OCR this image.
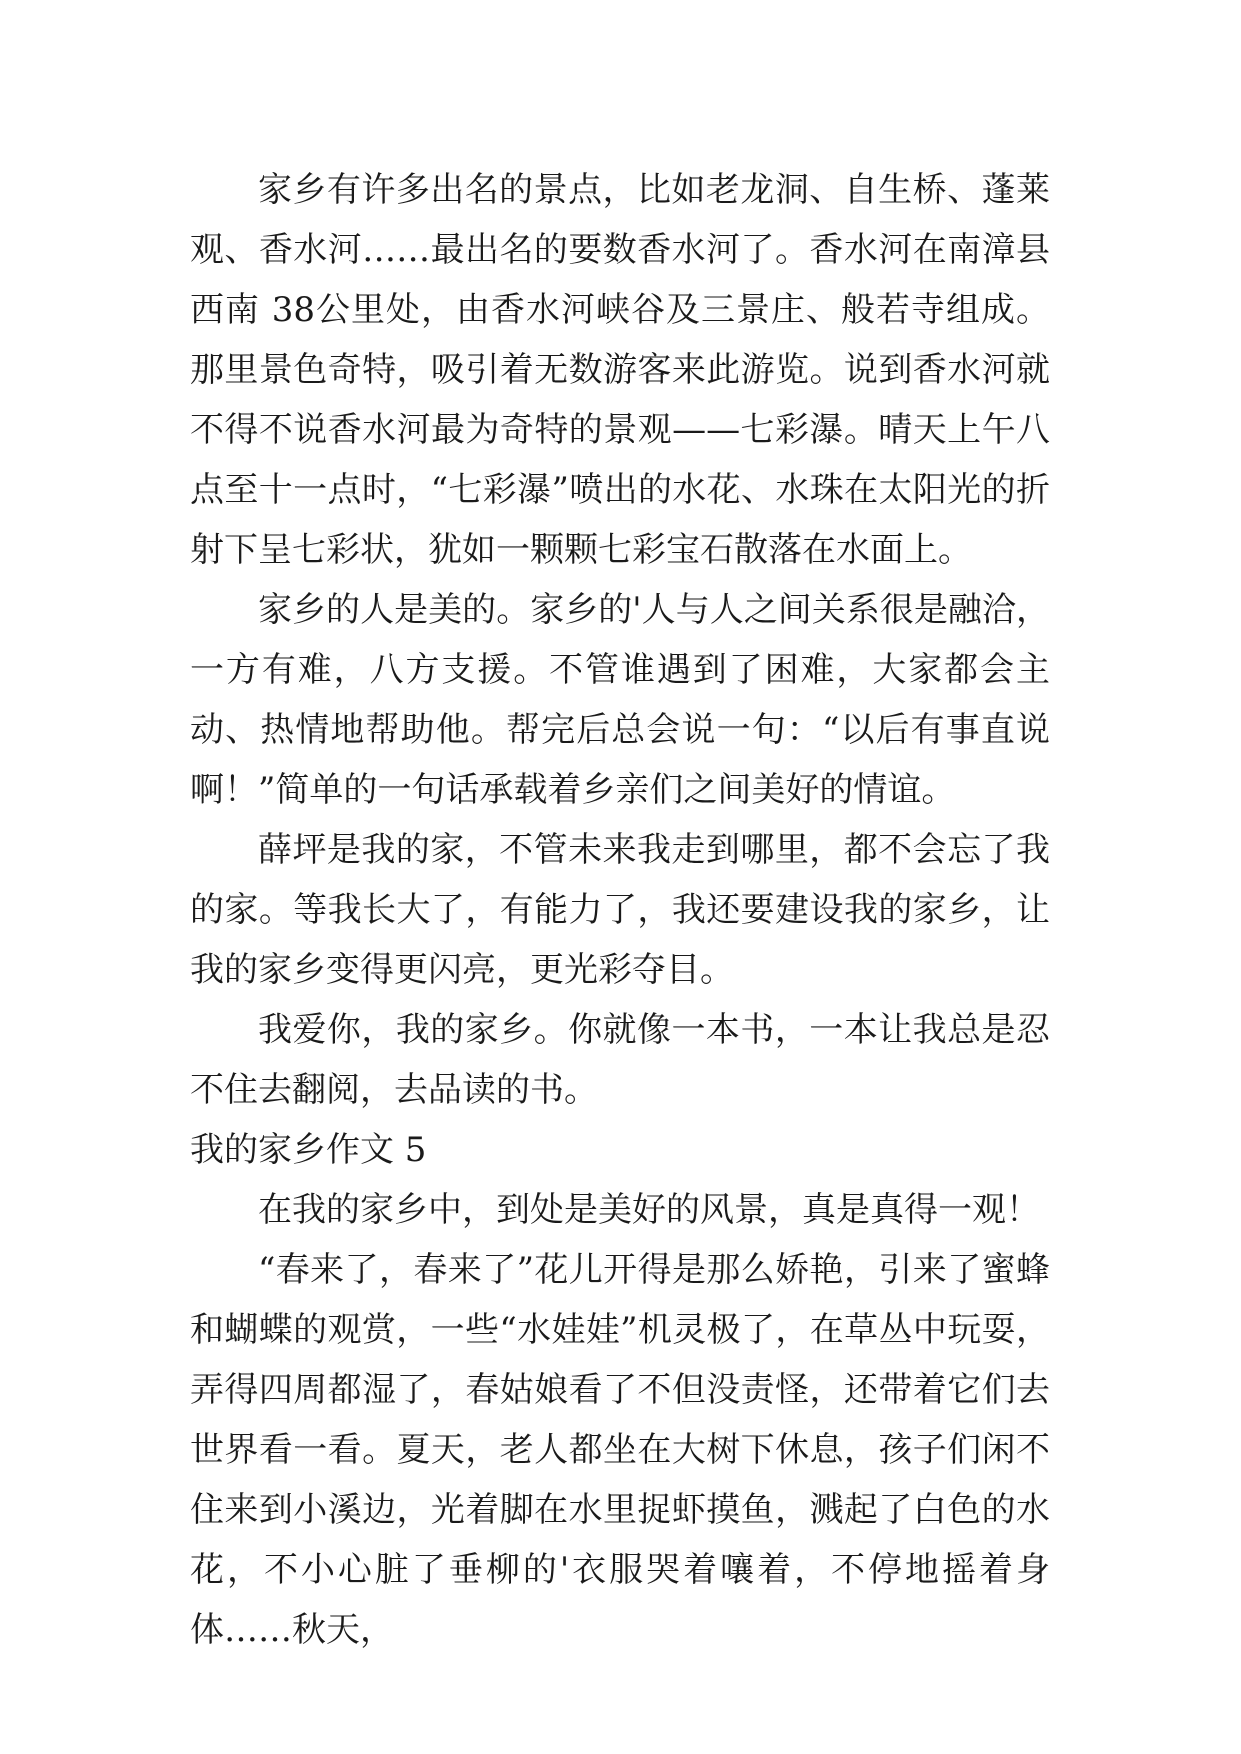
家乡有许多出名的景点，比如老龙洞、自生桥、蓬莱观、香水河……最出名的要数香水河了。香水河在南漳县西南 38公里处，由香水河峡谷及三景庄、般若寺组成。那里景色奇特，吸引着无数游客来此游览。说到香水河就不得不说香水河最为奇特的景观——七彩瀑。晴天上午八点至十一点时，“七彩瀑”喷出的水花、水珠在太阳光的折射下呈七彩状，犹如一颗颗七彩宝石散落在水面上。

家乡的人是美的。家乡的'人与人之间关系很是融洽，一方有难，八方支援。不管谁遇到了困难，大家都会主动、热情地帮助他。帮完后总会说一句：“以后有事直说啊！”简单的一句话承载着乡亲们之间美好的情谊。

薛坪是我的家，不管未来我走到哪里，都不会忘了我的家。等我长大了，有能力了，我还要建设我的家乡，让我的家乡变得更闪亮，更光彩夺目。

我爱你，我的家乡。你就像一本书，一本让我总是忍不住去翻阅，去品读的书。

我的家乡作文 5

在我的家乡中，到处是美好的风景，真是真得一观！

“春来了，春来了”花儿开得是那么娇艳，引来了蜜蜂和蝴蝶的观赏，一些“水娃娃”机灵极了，在草丛中玩耍，弄得四周都湿了，春姑娘看了不但没责怪，还带着它们去世界看一看。夏天，老人都坐在大树下休息，孩子们闲不住来到小溪边，光着脚在水里捉虾摸鱼，溅起了白色的水花，不小心脏了垂柳的'衣服哭着嚷着，不停地摇着身体……秋天，
